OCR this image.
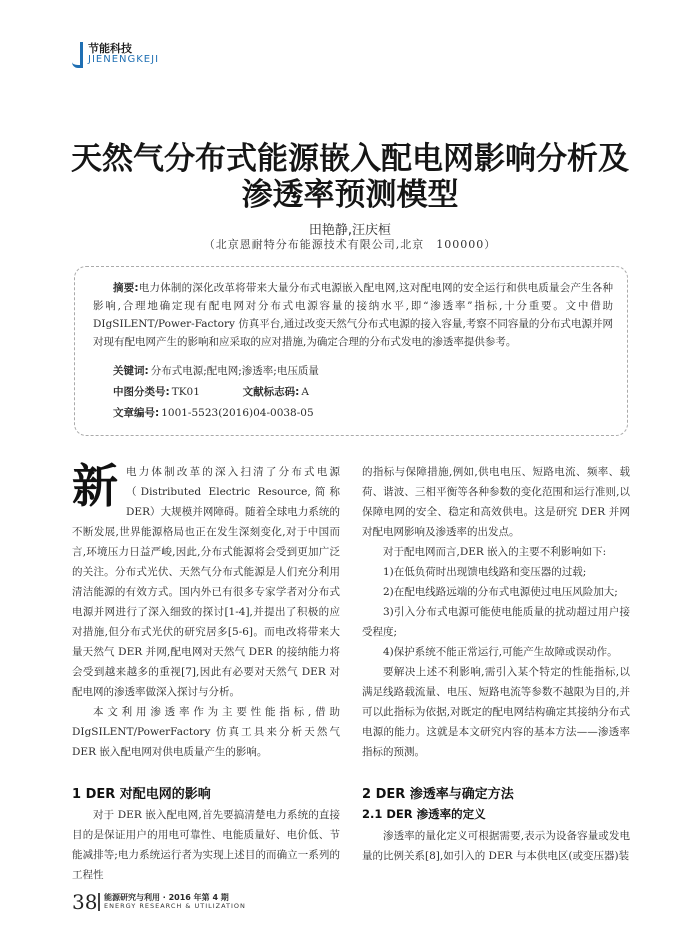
节能科技
JIENENGKEJI
天然气分布式能源嵌入配电网影响分析及
渗透率预测模型
田艳静,汪庆桓
（北京恩耐特分布能源技术有限公司,北京　100000）
摘要:电力体制的深化改革将带来大量分布式电源嵌入配电网,这对配电网的安全运行和供电质量会产生各种影响,合理地确定现有配电网对分布式电源容量的接纳水平,即“渗透率”指标,十分重要。文中借助 DIgSILENT/Power-Factory 仿真平台,通过改变天然气分布式电源的接入容量,考察不同容量的分布式电源并网对现有配电网产生的影响和应采取的应对措施,为确定合理的分布式发电的渗透率提供参考。
关键词: 分布式电源;配电网;渗透率;电压质量
中图分类号: TK01	文献标志码: A
文章编号: 1001-5523(2016)04-0038-05
新 电力体制改革的深入扫清了分布式电源（Distributed Electric Resource,简称 DER）大规模并网障碍。随着全球电力系统的不断发展,世界能源格局也正在发生深刻变化,对于中国而言,环境压力日益严峻,因此,分布式能源将会受到更加广泛的关注。分布式光伏、天然气分布式能源是人们充分利用清洁能源的有效方式。国内外已有很多专家学者对分布式电源并网进行了深入细致的探讨[1-4],并提出了积极的应对措施,但分布式光伏的研究居多[5-6]。而电改将带来大量天然气 DER 并网,配电网对天然气 DER 的接纳能力将会受到越来越多的重视[7],因此有必要对天然气 DER 对配电网的渗透率做深入探讨与分析。

本文利用渗透率作为主要性能指标,借助 DIgSILENT/PowerFactory 仿真工具来分析天然气 DER 嵌入配电网对供电质量产生的影响。

1 DER 对配电网的影响

对于 DER 嵌入配电网,首先要搞清楚电力系统的直接目的是保证用户的用电可靠性、电能质量好、电价低、节能减排等;电力系统运行者为实现上述目的而确立一系列的工程性

的指标与保障措施,例如,供电电压、短路电流、频率、载荷、谐波、三相平衡等各种参数的变化范围和运行准则,以保障电网的安全、稳定和高效供电。这是研究 DER 并网对配电网影响及渗透率的出发点。

对于配电网而言,DER 嵌入的主要不利影响如下:

1)在低负荷时出现馈电线路和变压器的过载;

2)在配电线路远端的分布式电源使过电压风险加大;

3)引入分布式电源可能使电能质量的扰动超过用户接受程度;

4)保护系统不能正常运行,可能产生故障或误动作。

要解决上述不利影响,需引入某个特定的性能指标,以满足线路载流量、电压、短路电流等参数不越限为目的,并可以此指标为依据,对既定的配电网结构确定其接纳分布式电源的能力。这就是本文研究内容的基本方法——渗透率指标的预测。

2 DER 渗透率与确定方法
2.1 DER 渗透率的定义

渗透率的量化定义可根据需要,表示为设备容量或发电量的比例关系[8],如引入的 DER 与本供电区(或变压器)装

38 能源研究与利用 · 2016 年第 4 期
ENERGY RESEARCH & UTILIZATION
